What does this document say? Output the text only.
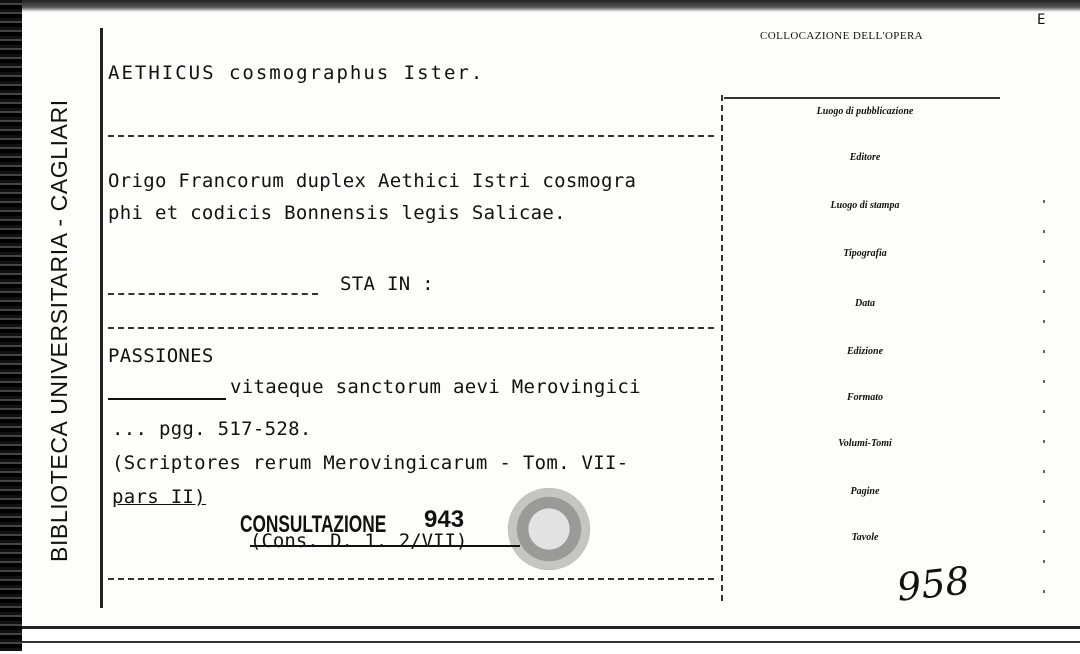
BIBLIOTECA UNIVERSITARIA - CAGLIARI
AETHICUS cosmographus Ister.
Origo Francorum duplex Aethici Istri cosmogra
phi et codicis Bonnensis legis Salicae.
STA IN :
PASSIONES
vitaeque sanctorum aevi Merovingici
... pgg. 517-528.
(Scriptores rerum Merovingicarum - Tom. VII-
pars II)
CONSULTAZIONE 943
(Cons. D. 1. 2/VII)
COLLOCAZIONE DELL'OPERA
Luogo di pubblicazione
Editore
Luogo di stampa
Tipografia
Data
Edizione
Formato
Volumi-Tomi
Pagine
Tavole
958
E
